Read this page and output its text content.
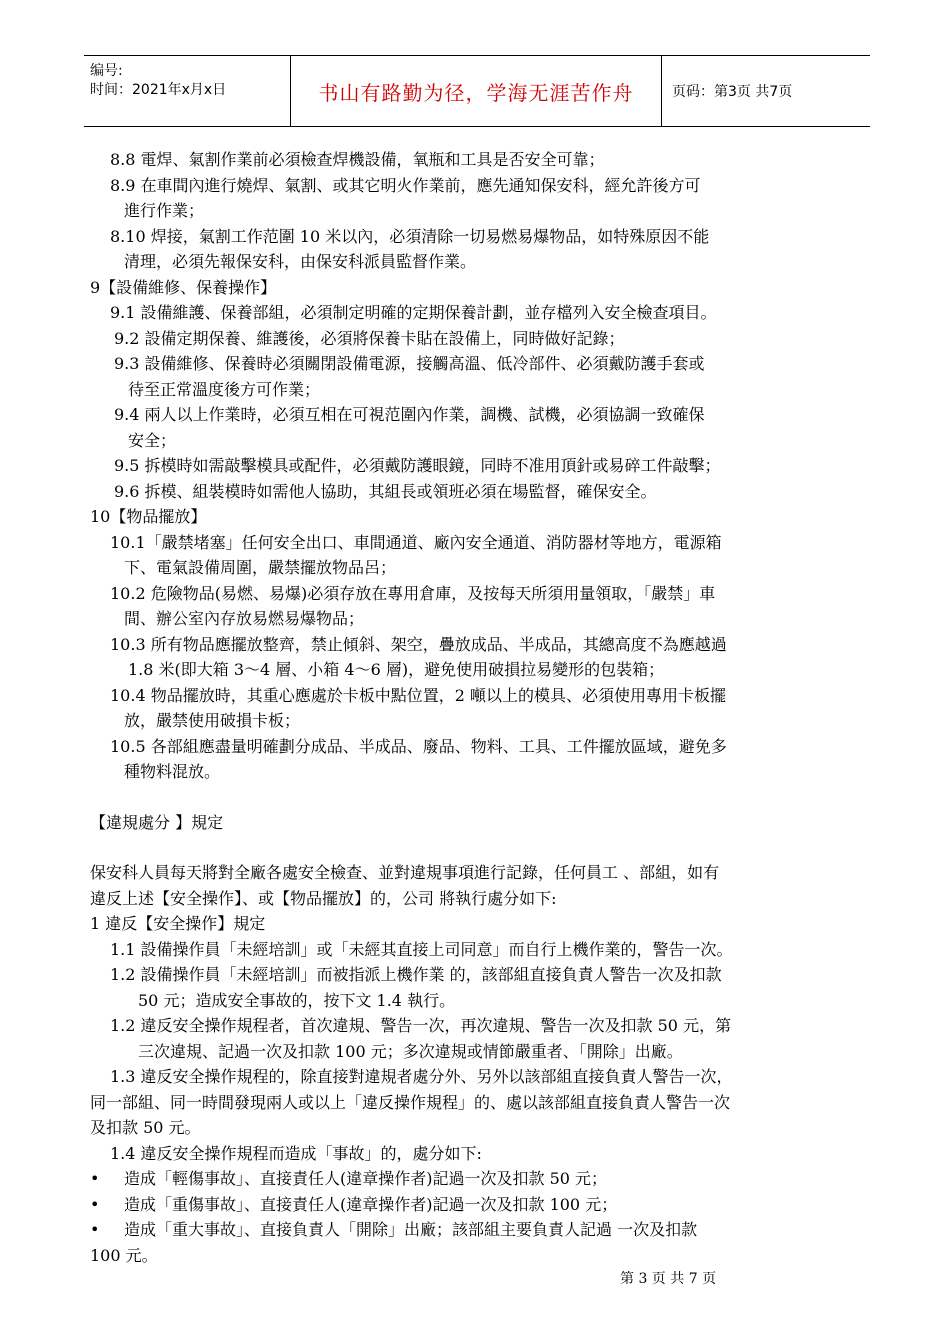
编号:
时间：2021年x月x日	书山有路勤为径，学海无涯苦作舟	页码：第3页 共7页
8.8 電焊、氣割作業前必須檢查焊機設備，氧瓶和工具是否安全可靠；
8.9 在車間內進行燒焊、氣割、或其它明火作業前，應先通知保安科，經允許後方可
進行作業；
8.10 焊接，氣割工作范圍 10 米以內，必須清除一切易燃易爆物品，如特殊原因不能
清理，必須先報保安科，由保安科派員監督作業。
9【設備維修、保養操作】
9.1 設備維護、保養部組，必須制定明確的定期保養計劃，並存檔列入安全檢查項目。
9.2 設備定期保養、維護後，必須將保養卡貼在設備上，同時做好記錄；
9.3 設備維修、保養時必須關閉設備電源，接觸高溫、低冷部件、必須戴防護手套或
待至正常溫度後方可作業；
9.4 兩人以上作業時，必須互相在可視范圍內作業，調機、試機，必須協調一致確保
安全；
9.5 拆模時如需敲擊模具或配件，必須戴防護眼鏡，同時不准用頂針或易碎工件敲擊；
9.6 拆模、組裝模時如需他人協助，其組長或領班必須在場監督，確保安全。
10【物品擺放】
10.1「嚴禁堵塞」任何安全出口、車間通道、廠內安全通道、消防器材等地方，電源箱
下、電氣設備周圍，嚴禁擺放物品呂；
10.2 危險物品(易燃、易爆)必須存放在專用倉庫，及按每天所須用量領取，「嚴禁」車
間、辦公室內存放易燃易爆物品；
10.3 所有物品應擺放整齊，禁止傾斜、架空，疊放成品、半成品，其總高度不為應越過
1.8 米(即大箱 3～4 層、小箱 4～6 層)，避免使用破損拉易變形的包裝箱；
10.4 物品擺放時，其重心應處於卡板中點位置，2 噸以上的模具、必須使用專用卡板擺
放，嚴禁使用破損卡板；
10.5 各部組應盡量明確劃分成品、半成品、廢品、物料、工具、工件擺放區域，避免多
種物料混放。
【違規處分 】規定
保安科人員每天將對全廠各處安全檢查、並對違規事項進行記錄，任何員工 、部組，如有
違反上述【安全操作】、或【物品擺放】的，公司 將執行處分如下:
1 違反【安全操作】規定
1.1 設備操作員「未經培訓」或「未經其直接上司同意」而自行上機作業的，警告一次。
1.2 設備操作員「未經培訓」而被指派上機作業 的，該部組直接負責人警告一次及扣款
50 元；造成安全事故的，按下文 1.4 執行。
1.2 違反安全操作規程者，首次違規、警告一次，再次違規、警告一次及扣款 50 元，第
三次違規、記過一次及扣款 100 元；多次違規或情節嚴重者、「開除」出廠。
1.3 違反安全操作規程的，除直接對違規者處分外、另外以該部組直接負責人警告一次，
同一部組、同一時間發現兩人或以上「違反操作規程」的、處以該部組直接負責人警告一次
及扣款 50 元。
1.4 違反安全操作規程而造成「事故」的，處分如下:
•	造成「輕傷事故」、直接責任人(違章操作者)記過一次及扣款 50 元；
•	造成「重傷事故」、直接責任人(違章操作者)記過一次及扣款 100 元；
•	造成「重大事故」、直接負責人「開除」出廠；該部組主要負責人記過 一次及扣款
100 元。
第 3 页 共 7 页
